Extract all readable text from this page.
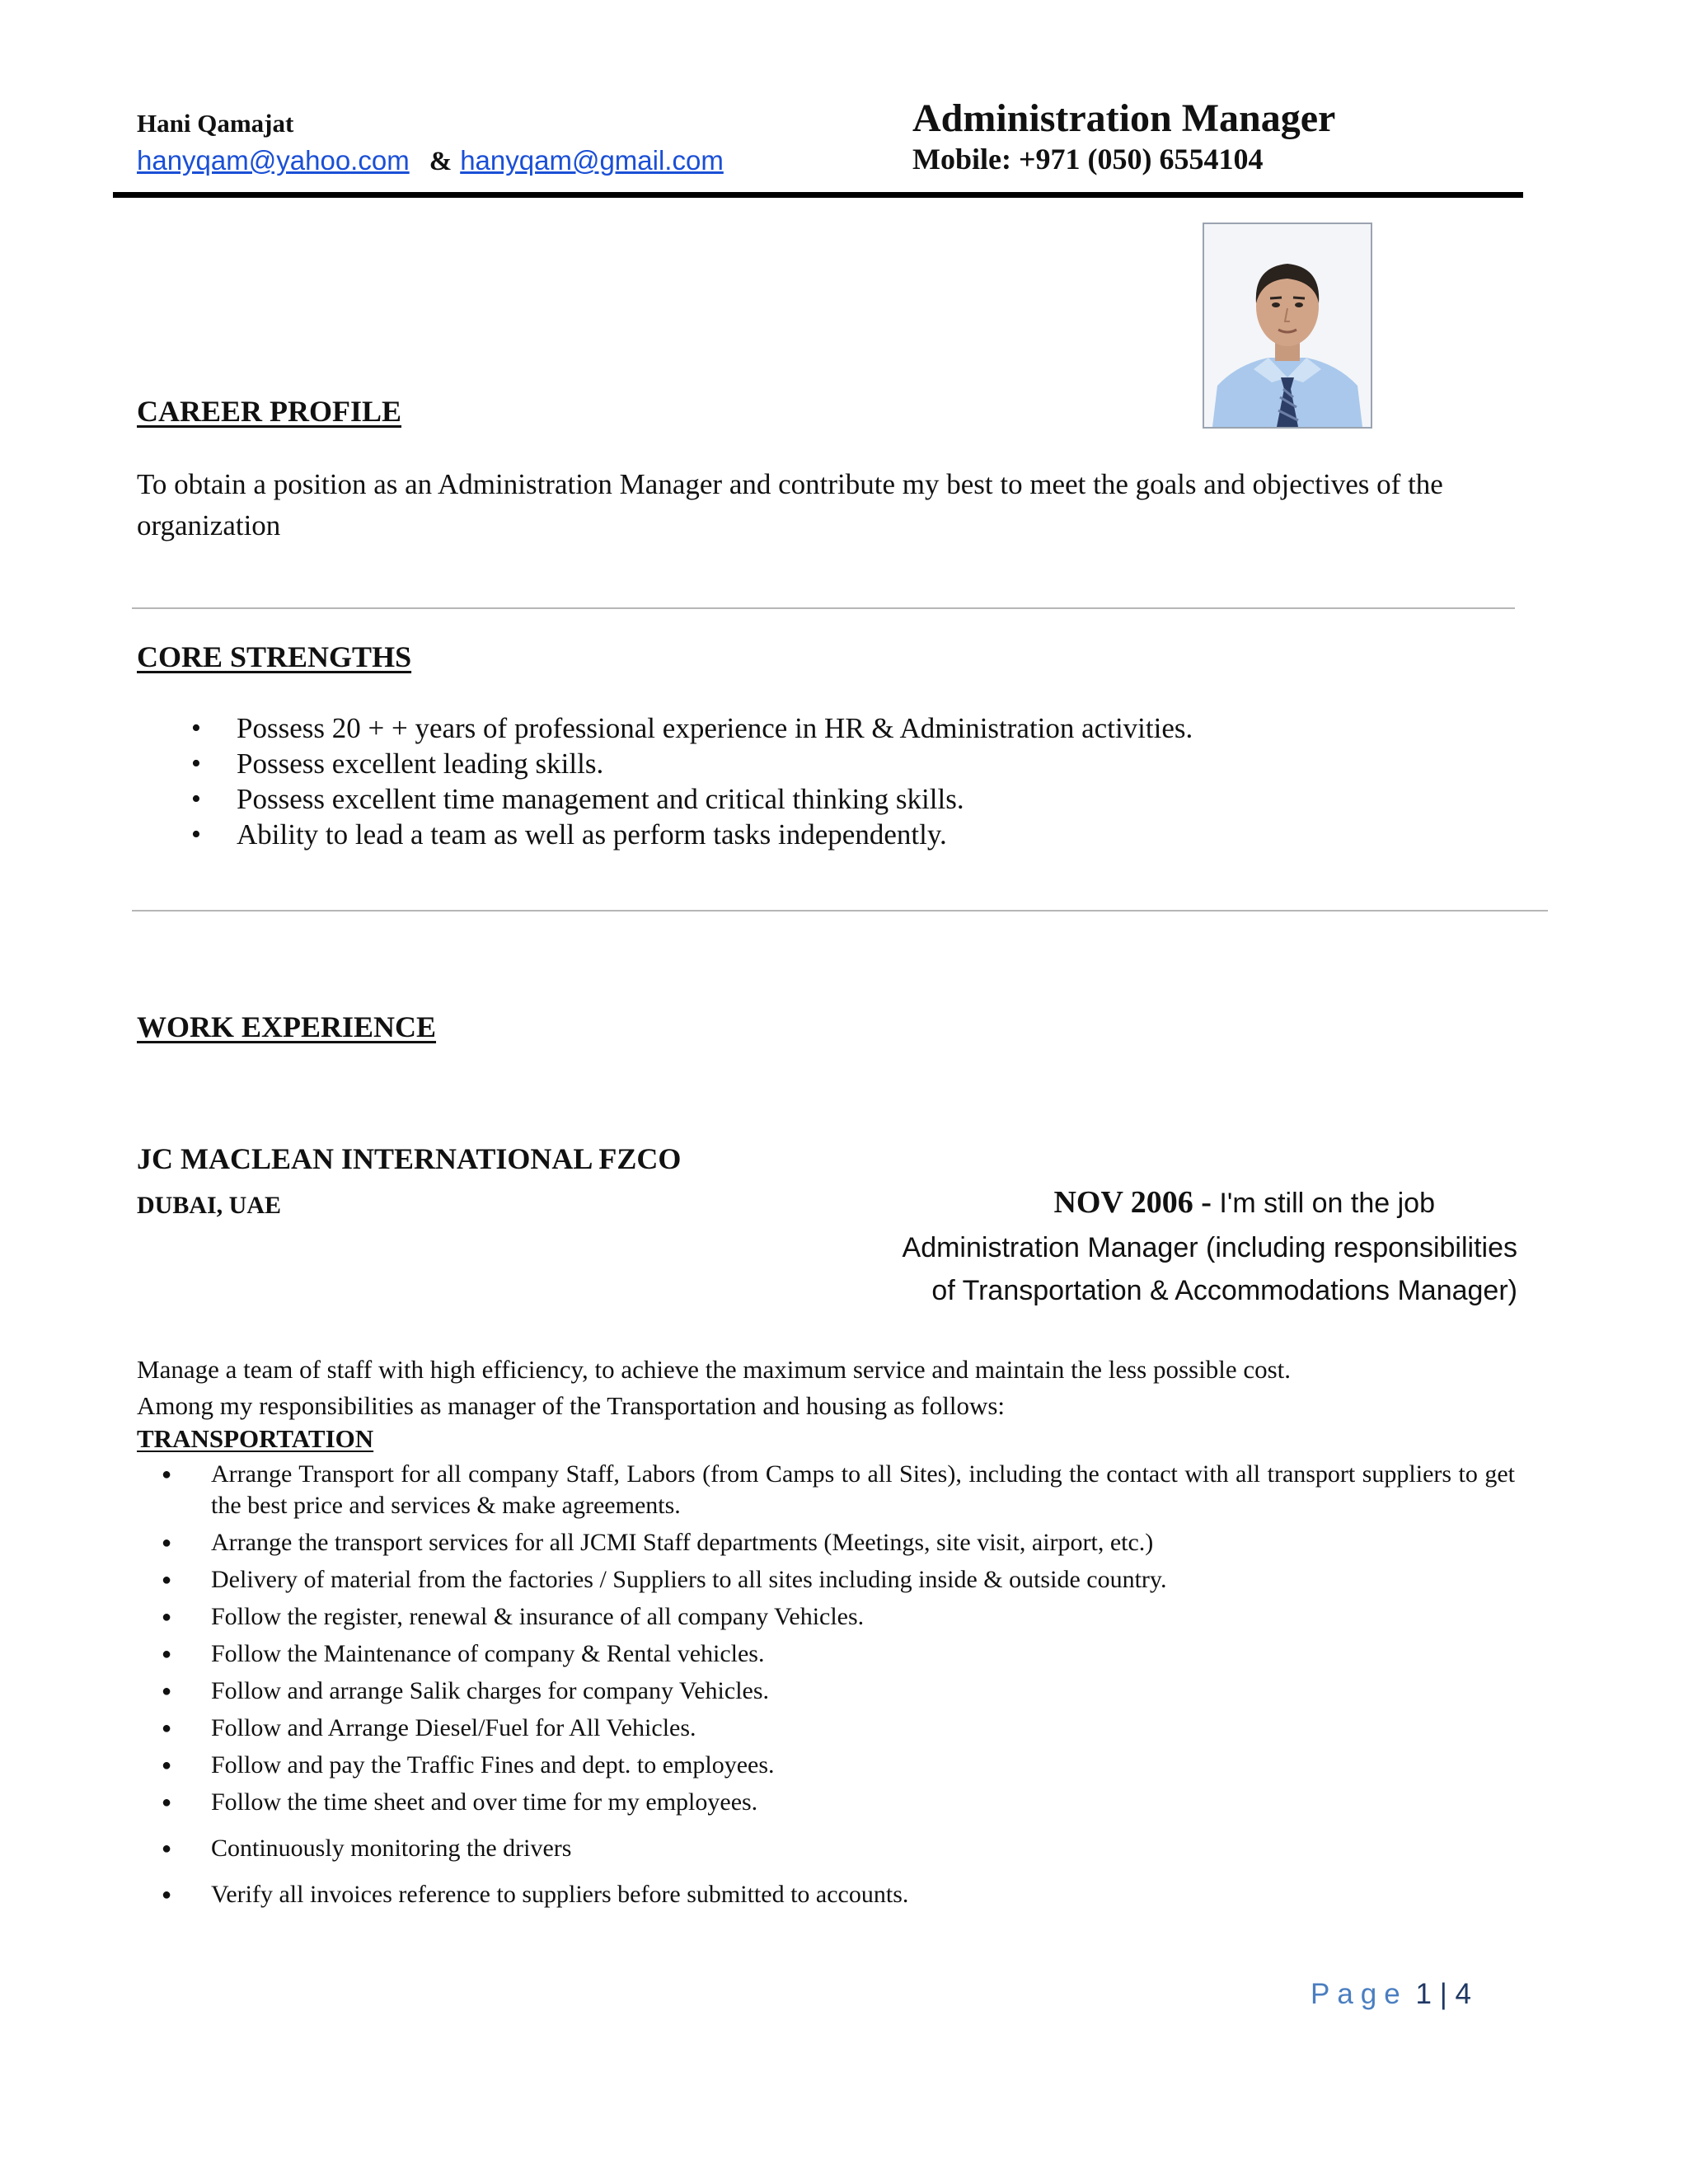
Hani Qamajat
hanyqam@yahoo.com & hanyqam@gmail.com
Administration Manager
Mobile: +971 (050) 6554104
CAREER PROFILE
To obtain a position as an Administration Manager and contribute my best to meet the goals and objectives of the organization
CORE STRENGTHS
• Possess 20 + + years of professional experience in HR & Administration activities.
• Possess excellent leading skills.
• Possess excellent time management and critical thinking skills.
• Ability to lead a team as well as perform tasks independently.
WORK EXPERIENCE
JC MACLEAN INTERNATIONAL FZCO
DUBAI, UAE	NOV 2006 - I'm still on the job
Administration Manager (including responsibilities
of Transportation & Accommodations Manager)
Manage a team of staff with high efficiency, to achieve the maximum service and maintain the less possible cost.
Among my responsibilities as manager of the Transportation and housing as follows:
TRANSPORTATION
● Arrange Transport for all company Staff, Labors (from Camps to all Sites), including the contact with all transport suppliers to get the best price and services & make agreements.
● Arrange the transport services for all JCMI Staff departments (Meetings, site visit, airport, etc.)
● Delivery of material from the factories / Suppliers to all sites including inside & outside country.
● Follow the register, renewal & insurance of all company Vehicles.
● Follow the Maintenance of company & Rental vehicles.
● Follow and arrange Salik charges for company Vehicles.
● Follow and Arrange Diesel/Fuel for All Vehicles.
● Follow and pay the Traffic Fines and dept. to employees.
● Follow the time sheet and over time for my employees.
● Continuously monitoring the drivers
● Verify all invoices reference to suppliers before submitted to accounts.
Page 1 | 4
